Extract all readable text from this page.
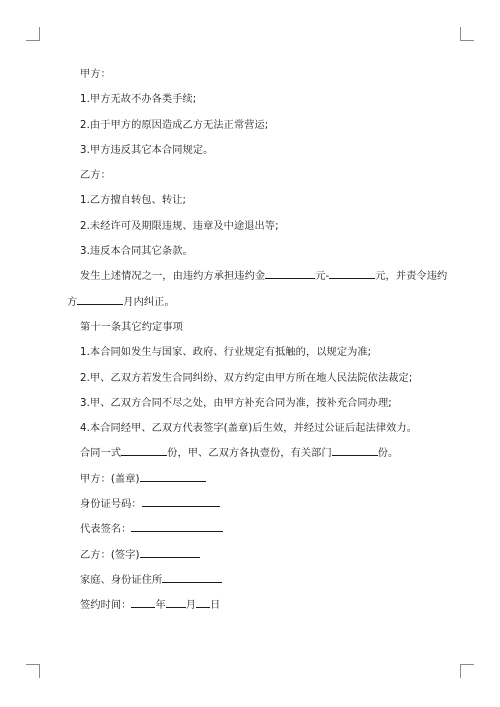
甲方：
1.甲方无故不办各类手续;
2.由于甲方的原因造成乙方无法正常营运;
3.甲方违反其它本合同规定。
乙方：
1.乙方擅自转包、转让;
2.未经许可及期限违规、违章及中途退出等;
3.违反本合同其它条款。
发生上述情况之一，由违约方承担违约金	元-	元，并责令违约
方	月内纠正。
第十一条其它约定事项
1.本合同如发生与国家、政府、行业规定有抵触的，以规定为准;
2.甲、乙双方若发生合同纠纷、双方约定由甲方所在地人民法院依法裁定;
3.甲、乙双方合同不尽之处，由甲方补充合同为准，按补充合同办理;
4.本合同经甲、乙双方代表签字(盖章)后生效，并经过公证后起法律效力。
合同一式	份，甲、乙双方各执壹份，有关部门	份。
甲方：(盖章)
身份证号码：
代表签名：
乙方：(签字)
家庭、身份证住所
签约时间： 年 月 日
